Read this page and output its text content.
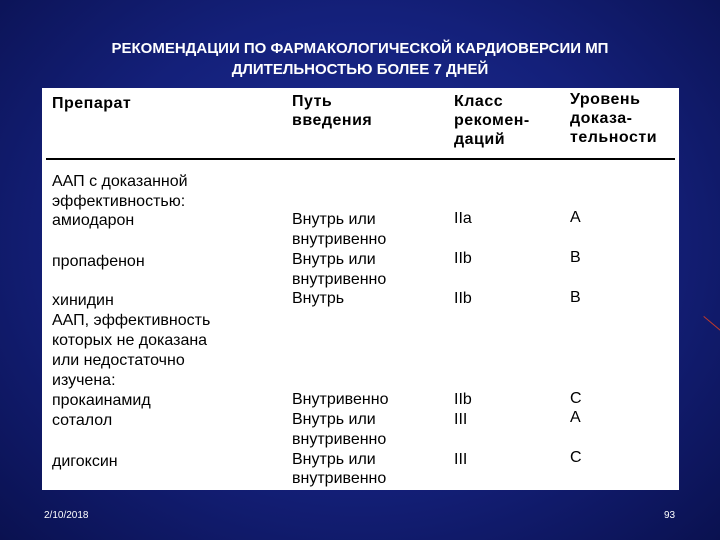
РЕКОМЕНДАЦИИ ПО ФАРМАКОЛОГИЧЕСКОЙ КАРДИОВЕРСИИ МП
ДЛИТЕЛЬНОСТЬЮ БОЛЕЕ 7 ДНЕЙ
Препарат	Путь
введения
Класс
рекомен-
даций
Уровень
доказа-
тельности
ААП с доказанной
эффективностью:
амиодарон
пропафенон
хинидин
ААП, эффективность
которых не доказана
или недостаточно
изучена:
прокаинамид
соталол
дигоксин
Внутрь или
внутривенно
Внутрь или
внутривенно
Внутрь
Внутривенно
Внутрь или
внутривенно
Внутрь или
внутривенно
IIa
IIb
IIb
IIb
III
III
A
B
B
C
A
C
2/10/2018	93
